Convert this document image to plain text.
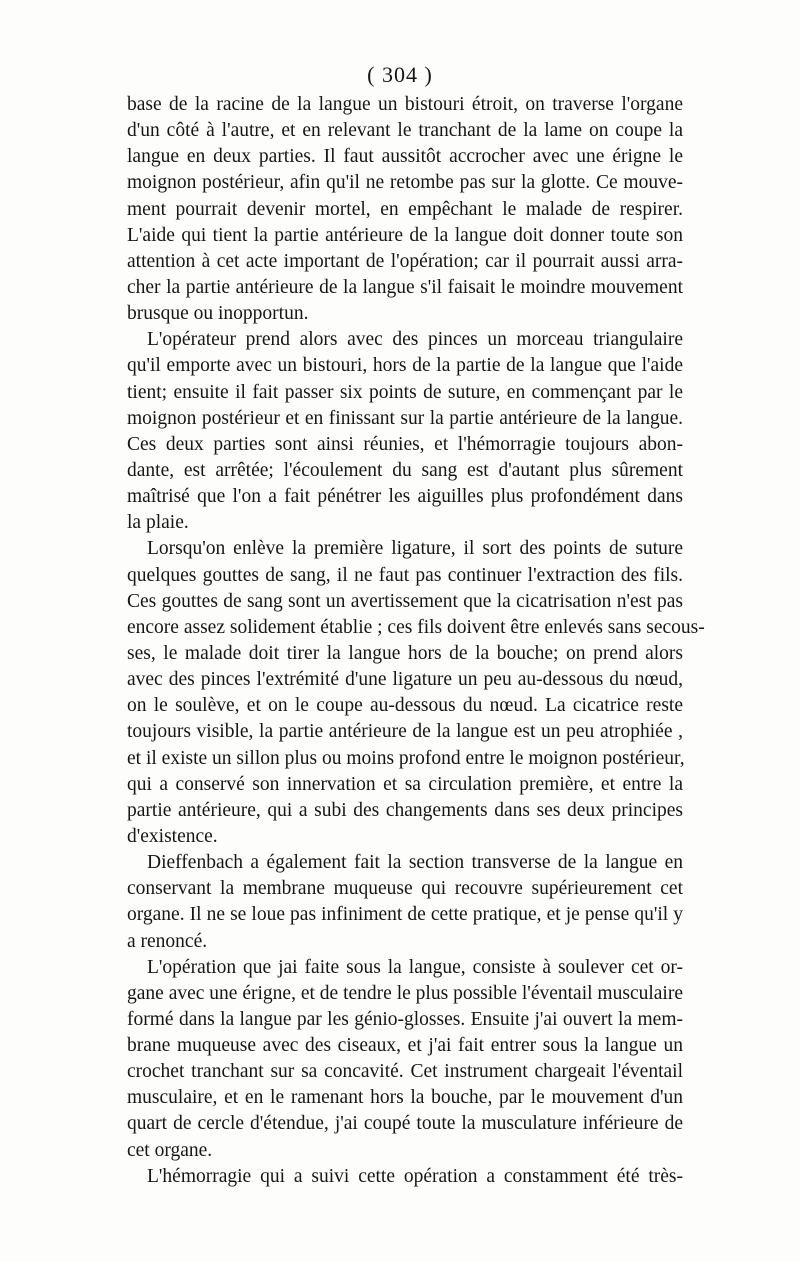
( 304 )
base de la racine de la langue un bistouri étroit, on traverse l'organe
d'un côté à l'autre, et en relevant le tranchant de la lame on coupe la
langue en deux parties. Il faut aussitôt accrocher avec une érigne le
moignon postérieur, afin qu'il ne retombe pas sur la glotte. Ce mouve-
ment pourrait devenir mortel, en empêchant le malade de respirer.
L'aide qui tient la partie antérieure de la langue doit donner toute son
attention à cet acte important de l'opération; car il pourrait aussi arra-
cher la partie antérieure de la langue s'il faisait le moindre mouvement
brusque ou inopportun.
L'opérateur prend alors avec des pinces un morceau triangulaire
qu'il emporte avec un bistouri, hors de la partie de la langue que l'aide
tient; ensuite il fait passer six points de suture, en commençant par le
moignon postérieur et en finissant sur la partie antérieure de la langue.
Ces deux parties sont ainsi réunies, et l'hémorragie toujours abon-
dante, est arrêtée; l'écoulement du sang est d'autant plus sûrement
maîtrisé que l'on a fait pénétrer les aiguilles plus profondément dans
la plaie.
Lorsqu'on enlève la première ligature, il sort des points de suture
quelques gouttes de sang, il ne faut pas continuer l'extraction des fils.
Ces gouttes de sang sont un avertissement que la cicatrisation n'est pas
encore assez solidement établie ; ces fils doivent être enlevés sans secous-
ses, le malade doit tirer la langue hors de la bouche; on prend alors
avec des pinces l'extrémité d'une ligature un peu au-dessous du nœud,
on le soulève, et on le coupe au-dessous du nœud. La cicatrice reste
toujours visible, la partie antérieure de la langue est un peu atrophiée ,
et il existe un sillon plus ou moins profond entre le moignon postérieur,
qui a conservé son innervation et sa circulation première, et entre la
partie antérieure, qui a subi des changements dans ses deux principes
d'existence.
Dieffenbach a également fait la section transverse de la langue en
conservant la membrane muqueuse qui recouvre supérieurement cet
organe. Il ne se loue pas infiniment de cette pratique, et je pense qu'il y
a renoncé.
L'opération que jai faite sous la langue, consiste à soulever cet or-
gane avec une érigne, et de tendre le plus possible l'éventail musculaire
formé dans la langue par les génio-glosses. Ensuite j'ai ouvert la mem-
brane muqueuse avec des ciseaux, et j'ai fait entrer sous la langue un
crochet tranchant sur sa concavité. Cet instrument chargeait l'éventail
musculaire, et en le ramenant hors la bouche, par le mouvement d'un
quart de cercle d'étendue, j'ai coupé toute la musculature inférieure de
cet organe.
L'hémorragie qui a suivi cette opération a constamment été très-
